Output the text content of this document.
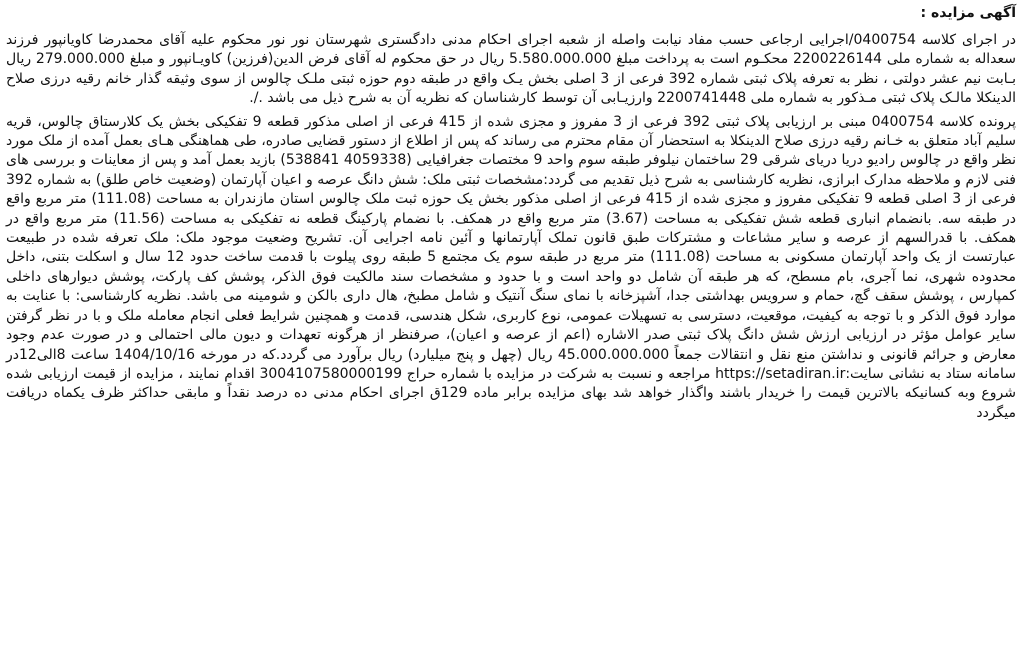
آگهی مزایده :

در اجرای کلاسه 0400754/اجرایی ارجاعی حسب مفاد نیابت واصله از شعبه اجرای احکام مدنی دادگستری شهرستان نور نور محکوم علیه آقای محمدرضا کاویانپور فرزند سعداله به شماره ملی 2200226144 محکـوم است به پرداخت مبلغ 5.580.000.000 ریال در حق محکوم له آقای فرض الدین(فرزین) کاویـانپور و مبلغ 279.000.000 ریال بـابت نیم عشر دولتی ، نظر به تعرفه پلاک ثبتی شماره 392 فرعی از 3 اصلی بخش یـک واقع در طبقه دوم حوزه ثبتی ملـک چالوس از سوی وثیقه گذار خانم رقیه درزی صلاح الدینکلا مالـک پلاک ثبتی مـذکور به شماره ملی 2200741448 وارزیـابی آن توسط کارشناسان که نظریه آن به شرح ذیل می باشد ./.

پرونده کلاسه 0400754 مبنی بر ارزیابی پلاک ثبتی 392 فرعی از 3 مفروز و مجزی شده از 415 فرعی از اصلی مذکور قطعه 9 تفکیکی بخش یک کلارستاق چالوس، قریه سلیم آباد متعلق به خـانم رقیه درزی صلاح الدینکلا به استحضار آن مقام محترم می رساند که پس از اطلاع از دستور قضایی صادره، طی هماهنگی هـای بعمل آمده از ملک مورد نظر واقع در چالوس رادیو دریا دریای شرقی 29 ساختمان نیلوفر طبقه سوم واحد 9 مختصات جغرافیایی (4059338 538841) بازید بعمل آمد و پس از معاینات و بررسی های فنی لازم و ملاحظه مدارک ابرازی، نظریه کارشناسی به شرح ذیل تقدیم می گردد:مشخصات ثبتی ملک: شش دانگ عرصه و اعیان آپارتمان (وضعیت خاص طلق) به شماره 392 فرعی از 3 اصلی قطعه 9 تفکیکی مفروز و مجزی شده از 415 فرعی از اصلی مذکور بخش یک حوزه ثبت ملک چالوس استان مازندران به مساحت (111.08) متر مربع واقع در طبقه سه. بانضمام انباری قطعه شش تفکیکی به مساحت (3.67) متر مربع واقع در همکف. با نضمام پارکینگ قطعه نه تفکیکی به مساحت (11.56) متر مربع واقع در همکف. با قدرالسهم از عرصه و سایر مشاعات و مشترکات طبق قانون تملک آپارتمانها و آئین نامه اجرایی آن. تشریح وضعیت موجود ملک: ملک تعرفه شده در طبیعت عبارتست از یک واحد آپارتمان مسکونی به مساحت (111.08) متر مربع در طبقه سوم یک مجتمع 5 طبقه روی پیلوت با قدمت ساخت حدود 12 سال و اسکلت بتنی، داخل محدوده شهری، نما آجری، بام مسطح، که هر طبقه آن شامل دو واحد است و با حدود و مشخصات سند مالکیت فوق الذکر، پوشش کف پارکت، پوشش دیوارهای داخلی کمپارس ، پوشش سقف گچ، حمام و سرویس بهداشتی جدا، آشپزخانه با نمای سنگ آنتیک و شامل مطبخ، هال داری بالکن و شومینه می باشد. نظریه کارشناسی: با عنایت به موارد فوق الذکر و با توجه به کیفیت، موقعیت، دسترسی به تسهیلات عمومی، نوع کاربری، شکل هندسی، قدمت و همچنین شرایط فعلی انجام معامله ملک و با در نظر گرفتن سایر عوامل مؤثر در ارزیابی ارزش شش دانگ پلاک ثبتی صدر الاشاره (اعم از عرصه و اعیان)، صرفنظر از هرگونه تعهدات و دیون مالی احتمالی و در صورت عدم وجود معارض و جرائم قانونی و نداشتن منع نقل و انتقالات جمعاً 45.000.000.000 ریال (چهل و پنج میلیارد) ریال برآورد می گردد.که در مورخه 1404/10/16 ساعت 8الی12در سامانه ستاد به نشانی سایت:https://setadiran.ir مراجعه و نسبت به شرکت در مزایده با شماره حراج 3004107580000199 اقدام نمایند ، مزایده از قیمت ارزیابی شده شروع وبه کسانیکه بالاترین قیمت را خریدار باشند واگذار خواهد شد بهای مزایده برابر ماده 129ق اجرای احکام مدنی ده درصد نقداً و مابقی حداکثر ظرف یکماه دریافت میگردد
